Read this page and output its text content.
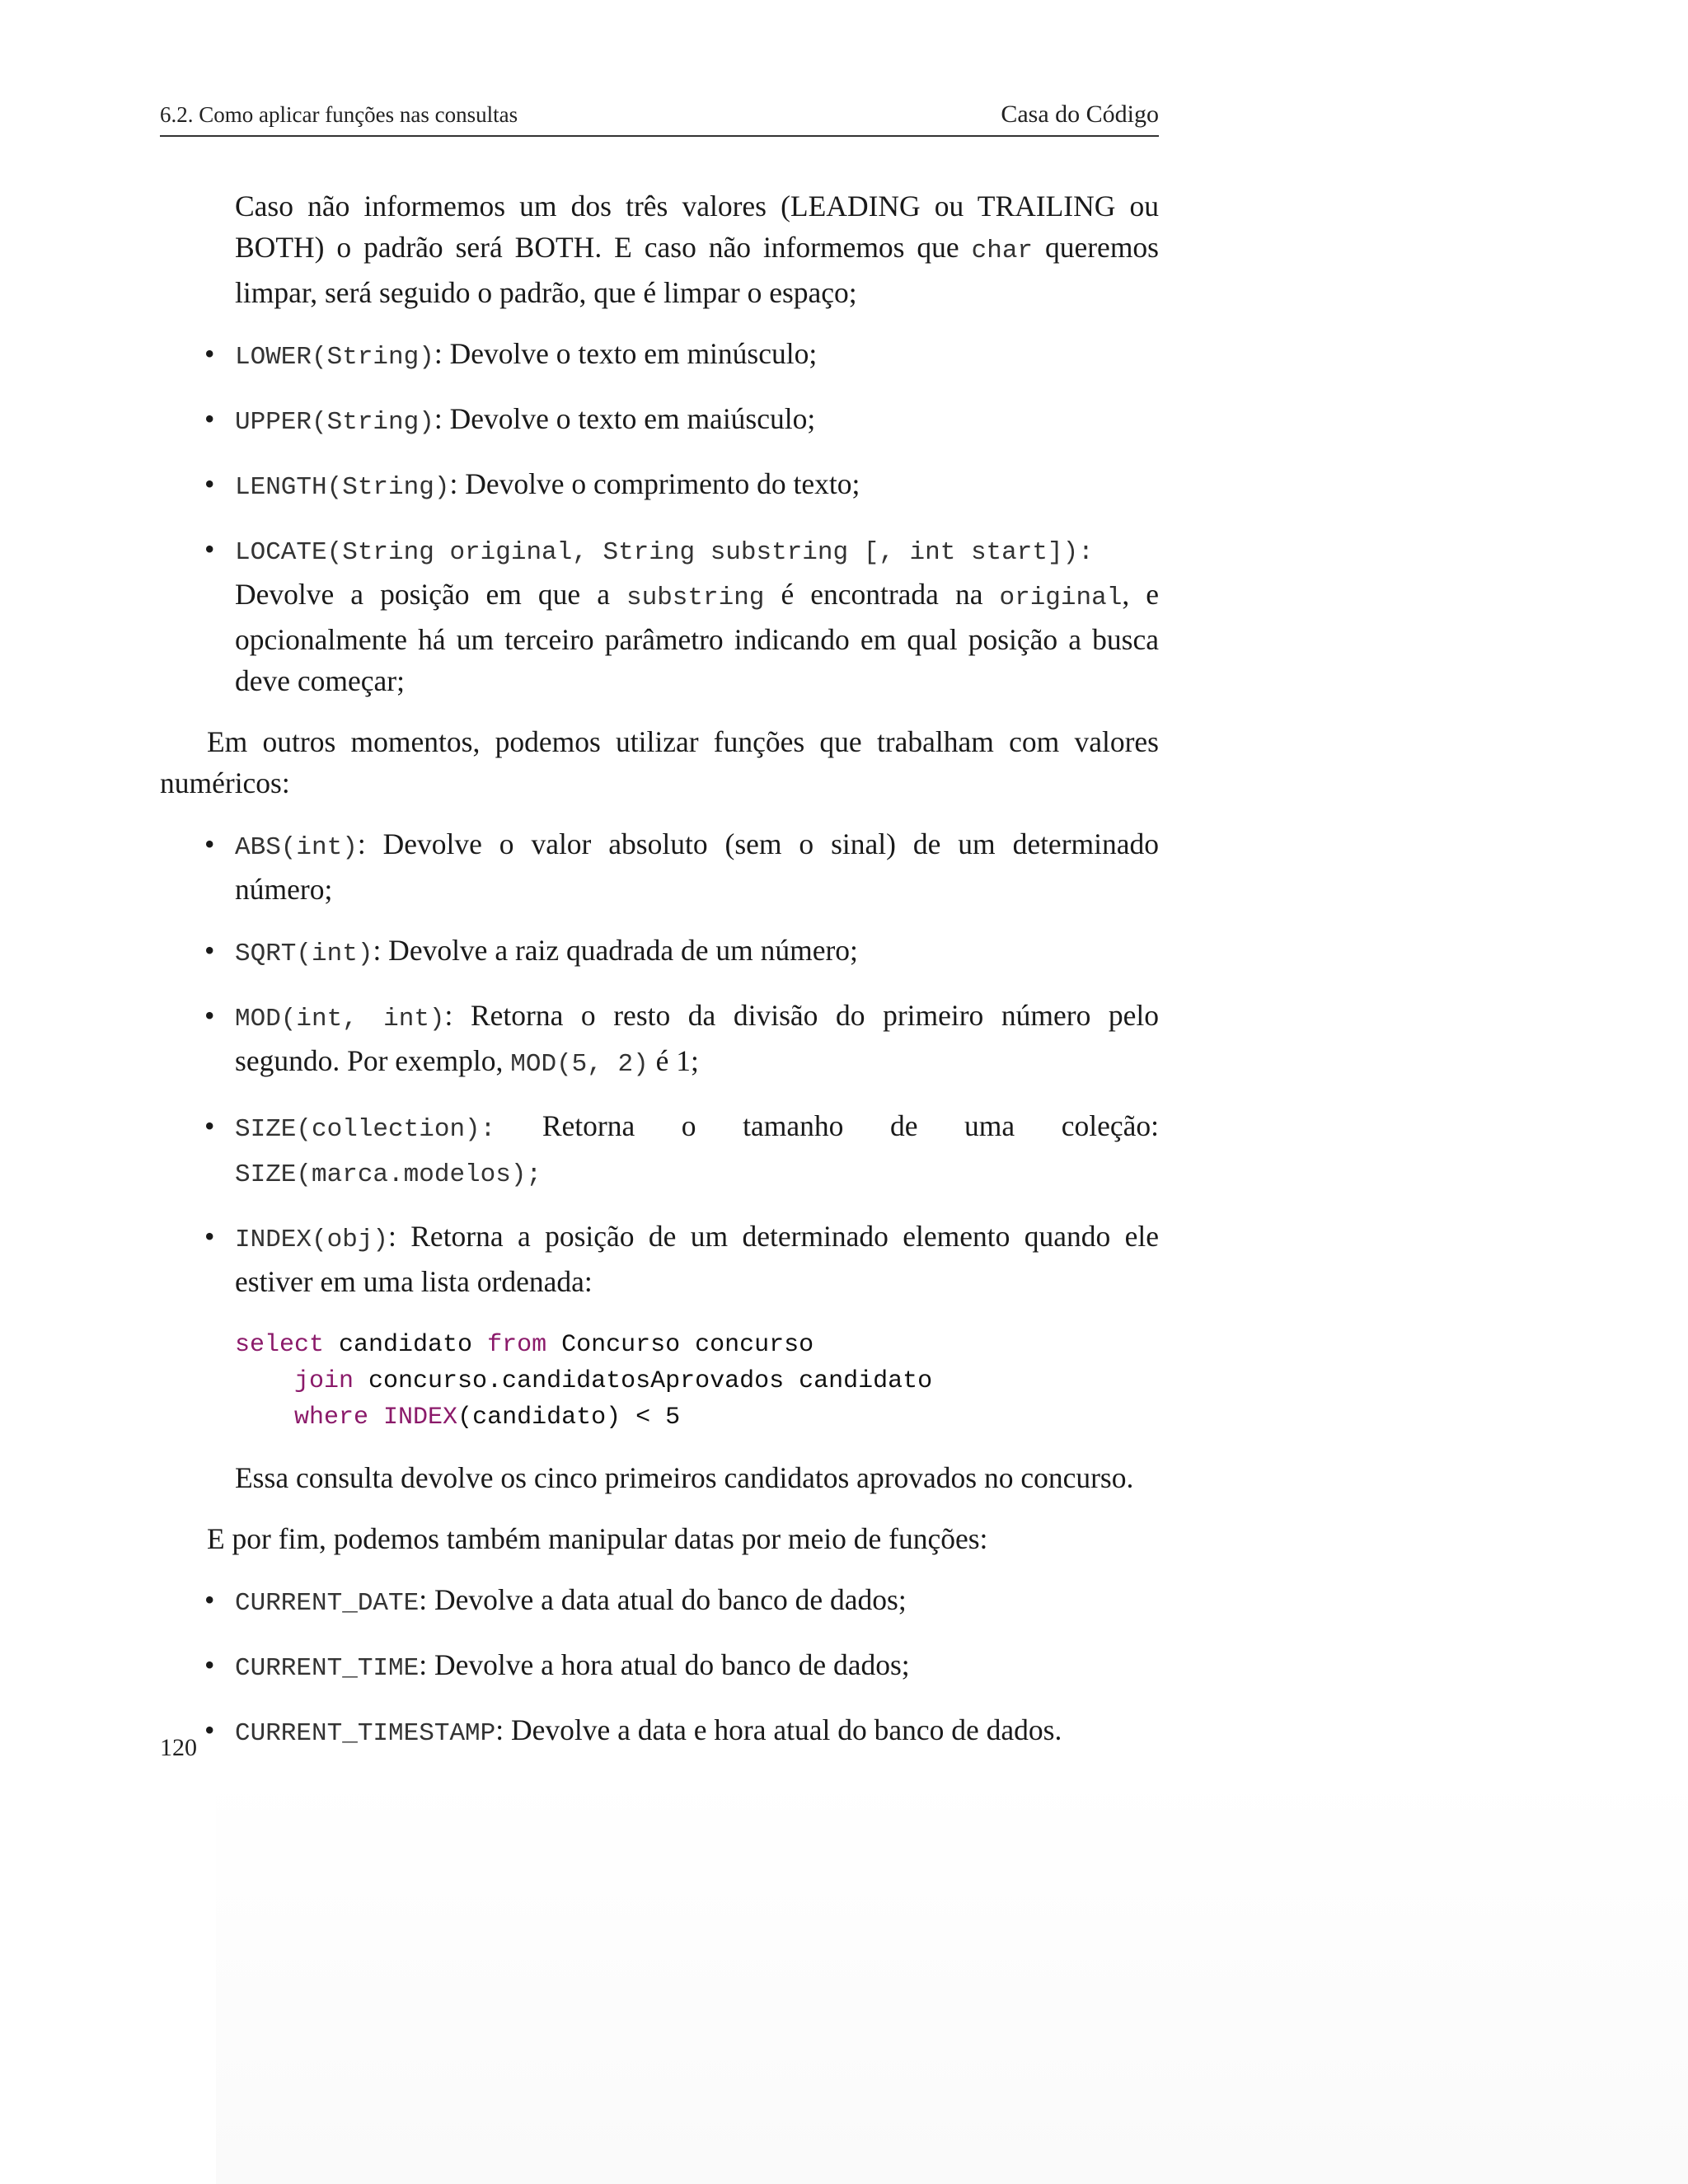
6.2. Como aplicar funções nas consultas	Casa do Código
Caso não informemos um dos três valores (LEADING ou TRAILING ou BOTH) o padrão será BOTH. E caso não informemos que char queremos limpar, será seguido o padrão, que é limpar o espaço;
• LOWER(String): Devolve o texto em minúsculo;
• UPPER(String): Devolve o texto em maiúsculo;
• LENGTH(String): Devolve o comprimento do texto;
• LOCATE(String original, String substring [, int start]):
Devolve a posição em que a substring é encontrada na original, e opcionalmente há um terceiro parâmetro indicando em qual posição a busca deve começar;
Em outros momentos, podemos utilizar funções que trabalham com valores numéricos:
• ABS(int): Devolve o valor absoluto (sem o sinal) de um determinado número;
• SQRT(int): Devolve a raiz quadrada de um número;
• MOD(int, int): Retorna o resto da divisão do primeiro número pelo segundo. Por exemplo, MOD(5, 2) é 1;
• SIZE(collection): Retorna o tamanho de uma coleção:
SIZE(marca.modelos);
• INDEX(obj): Retorna a posição de um determinado elemento quando ele estiver em uma lista ordenada:
select candidato from Concurso concurso
join concurso.candidatosAprovados candidato
where INDEX(candidato) < 5
Essa consulta devolve os cinco primeiros candidatos aprovados no concurso.
E por fim, podemos também manipular datas por meio de funções:
• CURRENT_DATE: Devolve a data atual do banco de dados;
• CURRENT_TIME: Devolve a hora atual do banco de dados;
• CURRENT_TIMESTAMP: Devolve a data e hora atual do banco de dados.
120
